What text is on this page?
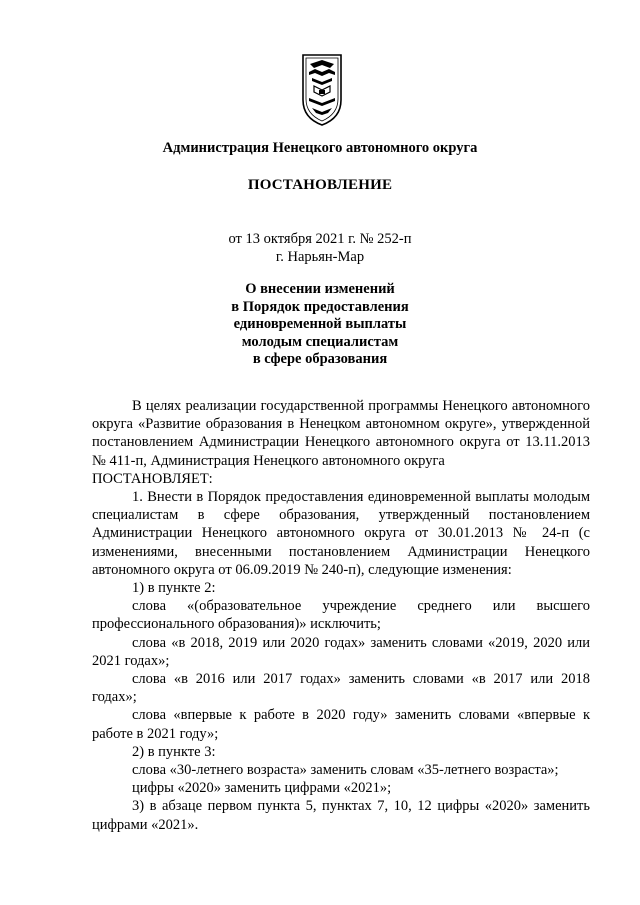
Администрация Ненецкого автономного округа
ПОСТАНОВЛЕНИЕ
от 13 октября 2021 г. № 252-п
г. Нарьян-Мар
О внесении изменений
в Порядок предоставления
единовременной выплаты
молодым специалистам
в сфере образования

В целях реализации государственной программы Ненецкого автономного округа «Развитие образования в Ненецком автономном округе», утвержденной постановлением Администрации Ненецкого автономного округа от 13.11.2013 № 411-п, Администрация Ненецкого автономного округа

ПОСТАНОВЛЯЕТ:

1. Внести в Порядок предоставления единовременной выплаты молодым специалистам в сфере образования, утвержденный постановлением Администрации Ненецкого автономного округа от 30.01.2013 № 24-п (с изменениями, внесенными постановлением Администрации Ненецкого автономного округа от 06.09.2019 № 240-п), следующие изменения:

1) в пункте 2:

слова «(образовательное учреждение среднего или высшего профессионального образования)» исключить;

слова «в 2018, 2019 или 2020 годах» заменить словами «2019, 2020 или 2021 годах»;

слова «в 2016 или 2017 годах» заменить словами «в 2017 или 2018 годах»;

слова «впервые к работе в 2020 году» заменить словами «впервые к работе в 2021 году»;

2) в пункте 3:

слова «30-летнего возраста» заменить словам «35-летнего возраста»;

цифры «2020» заменить цифрами «2021»;

3) в абзаце первом пункта 5, пунктах 7, 10, 12 цифры «2020» заменить цифрами «2021».
